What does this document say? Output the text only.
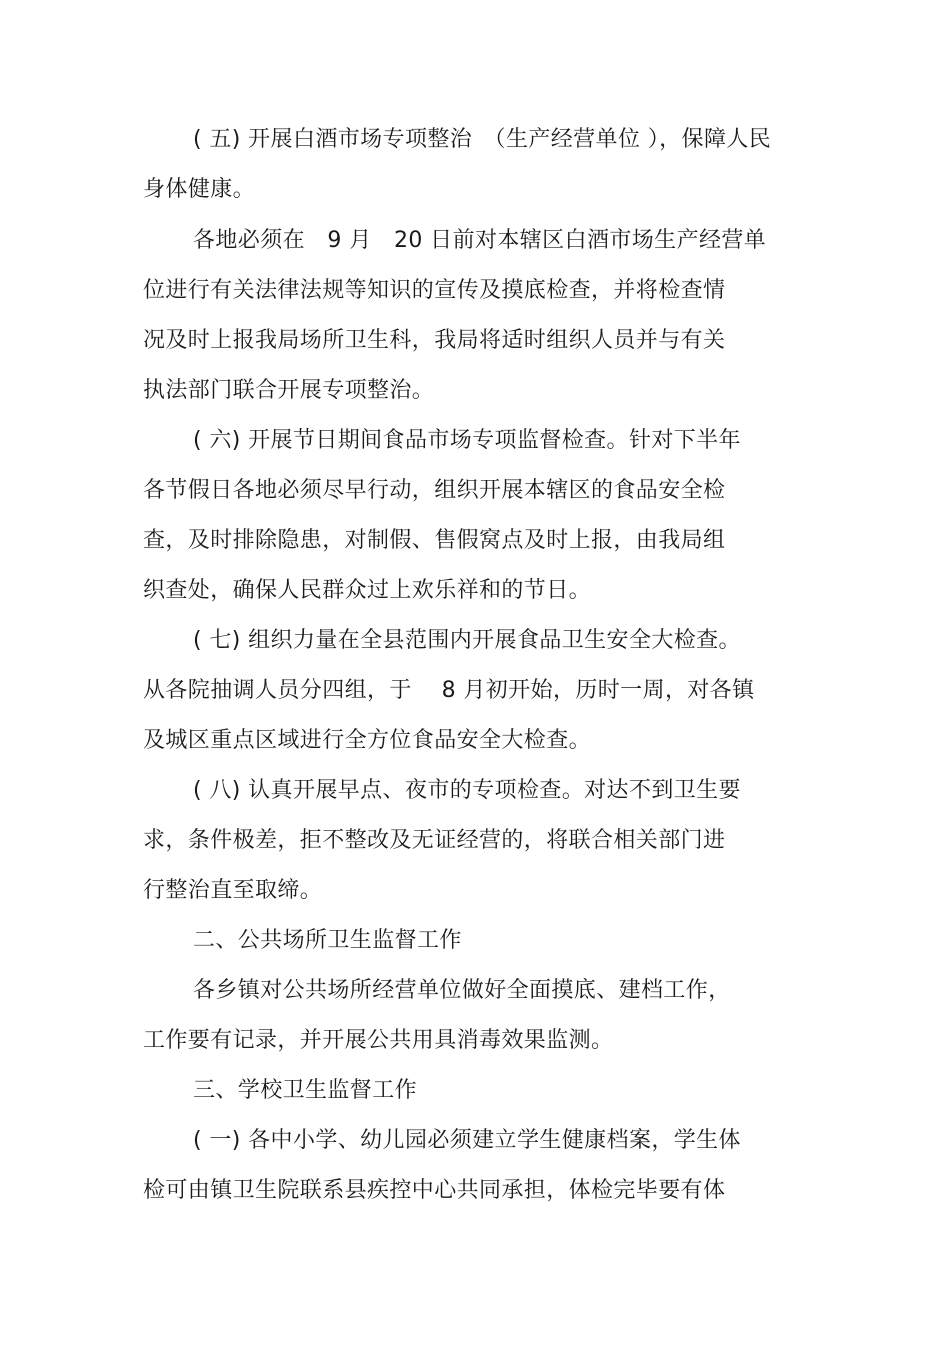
( 五) 开展白酒市场专项整治　（生产经营单位 ），保障人民
身体健康。
各地必须在　9 月　20 日前对本辖区白酒市场生产经营单
位进行有关法律法规等知识的宣传及摸底检查，并将检查情
况及时上报我局场所卫生科，我局将适时组织人员并与有关
执法部门联合开展专项整治。
( 六) 开展节日期间食品市场专项监督检查。针对下半年
各节假日各地必须尽早行动，组织开展本辖区的食品安全检
查，及时排除隐患，对制假、售假窝点及时上报，由我局组
织查处，确保人民群众过上欢乐祥和的节日。
( 七) 组织力量在全县范围内开展食品卫生安全大检查。
从各院抽调人员分四组，于　 8 月初开始，历时一周，对各镇
及城区重点区域进行全方位食品安全大检查。
( 八) 认真开展早点、夜市的专项检查。对达不到卫生要
求，条件极差，拒不整改及无证经营的，将联合相关部门进
行整治直至取缔。
二、公共场所卫生监督工作
各乡镇对公共场所经营单位做好全面摸底、建档工作，
工作要有记录，并开展公共用具消毒效果监测。
三、学校卫生监督工作
( 一) 各中小学、幼儿园必须建立学生健康档案，学生体
检可由镇卫生院联系县疾控中心共同承担，体检完毕要有体
